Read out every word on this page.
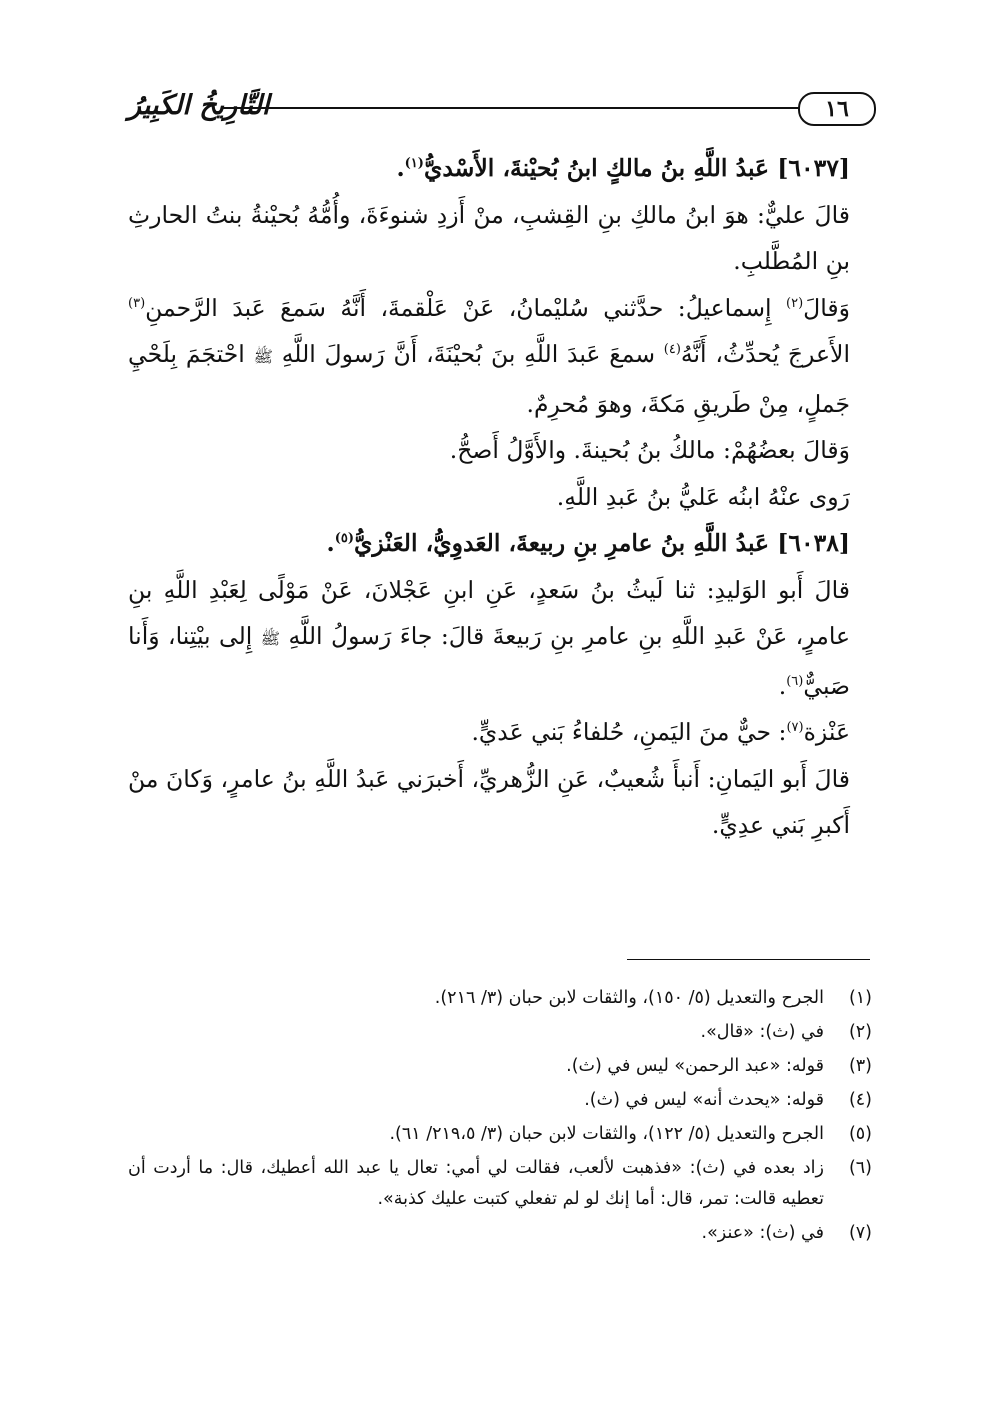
التَّارِيخُ الكَبِيرُ	١٦

[٦٠٣٧] عَبدُ اللَّهِ بنُ مالكٍ ابنُ بُحيْنةَ، الأَسْديُّ$^{(١)}$.

قالَ عليٌّ: هوَ ابنُ مالكِ بنِ القِشبِ، منْ أَزدِ شنوءَةَ، وأُمُّهُ بُحيْنةُ بنتُ الحارثِ بنِ المُطَّلبِ.

وَقالَ$^{(٢)}$ إِسماعيلُ: حدَّثني سُليْمانُ، عَنْ عَلْقمةَ، أَنَّهُ سَمعَ عَبدَ الرَّحمنِ$^{(٣)}$ الأَعرجَ يُحدِّثُ، أَنَّهُ$^{(٤)}$ سمعَ عَبدَ اللَّهِ بنَ بُحيْنَةَ، أَنَّ رَسولَ اللَّهِ ﷺ احْتجَمَ بِلَحْيِ جَملٍ، مِنْ طَريقِ مَكةَ، وهوَ مُحرِمٌ.

وَقالَ بعضُهُمْ: مالكُ بنُ بُحينةَ. والأَوَّلُ أَصحُّ.

رَوى عنْهُ ابنُه عَليُّ بنُ عَبدِ اللَّهِ.

[٦٠٣٨] عَبدُ اللَّهِ بنُ عامرِ بنِ ربيعةَ، العَدوِيُّ، العَنْزيُّ$^{(٥)}$.

قالَ أَبو الوَليدِ: ثنا لَيثُ بنُ سَعدٍ، عَنِ ابنِ عَجْلانَ، عَنْ مَوْلًى لِعَبْدِ اللَّهِ بنِ عامرٍ، عَنْ عَبدِ اللَّهِ بنِ عامرِ بنِ رَبيعةَ قالَ: جاءَ رَسولُ اللَّهِ ﷺ إِلى بيْتِنا، وَأَنا صَبيٌّ$^{(٦)}$.

عَنْزة$^{(٧)}$: حيٌّ منَ اليَمنِ، حُلفاءُ بَني عَديٍّ.

قالَ أَبو اليَمانِ: أَنبأَ شُعيبٌ، عَنِ الزُّهريِّ، أَخبرَني عَبدُ اللَّهِ بنُ عامرٍ، وَكانَ منْ أَكبرِ بَني عدِيٍّ.

(١)
الجرح والتعديل (٥/ ١٥٠)، والثقات لابن حبان (٣/ ٢١٦).
(٢)
في (ث): «قال».
(٣)
قوله: «عبد الرحمن» ليس في (ث).
(٤)
قوله: «يحدث أنه» ليس في (ث).
(٥)
الجرح والتعديل (٥/ ١٢٢)، والثقات لابن حبان (٣/ ٢١٩،٥/ ٦١).
(٦)
زاد بعده في (ث): «فذهبت لألعب، فقالت لي أمي: تعال يا عبد الله أعطيك، قال: ما أردت أن تعطيه قالت: تمر، قال: أما إنك لو لم تفعلي كتبت عليك كذبة».
(٧)
في (ث): «عنز».
